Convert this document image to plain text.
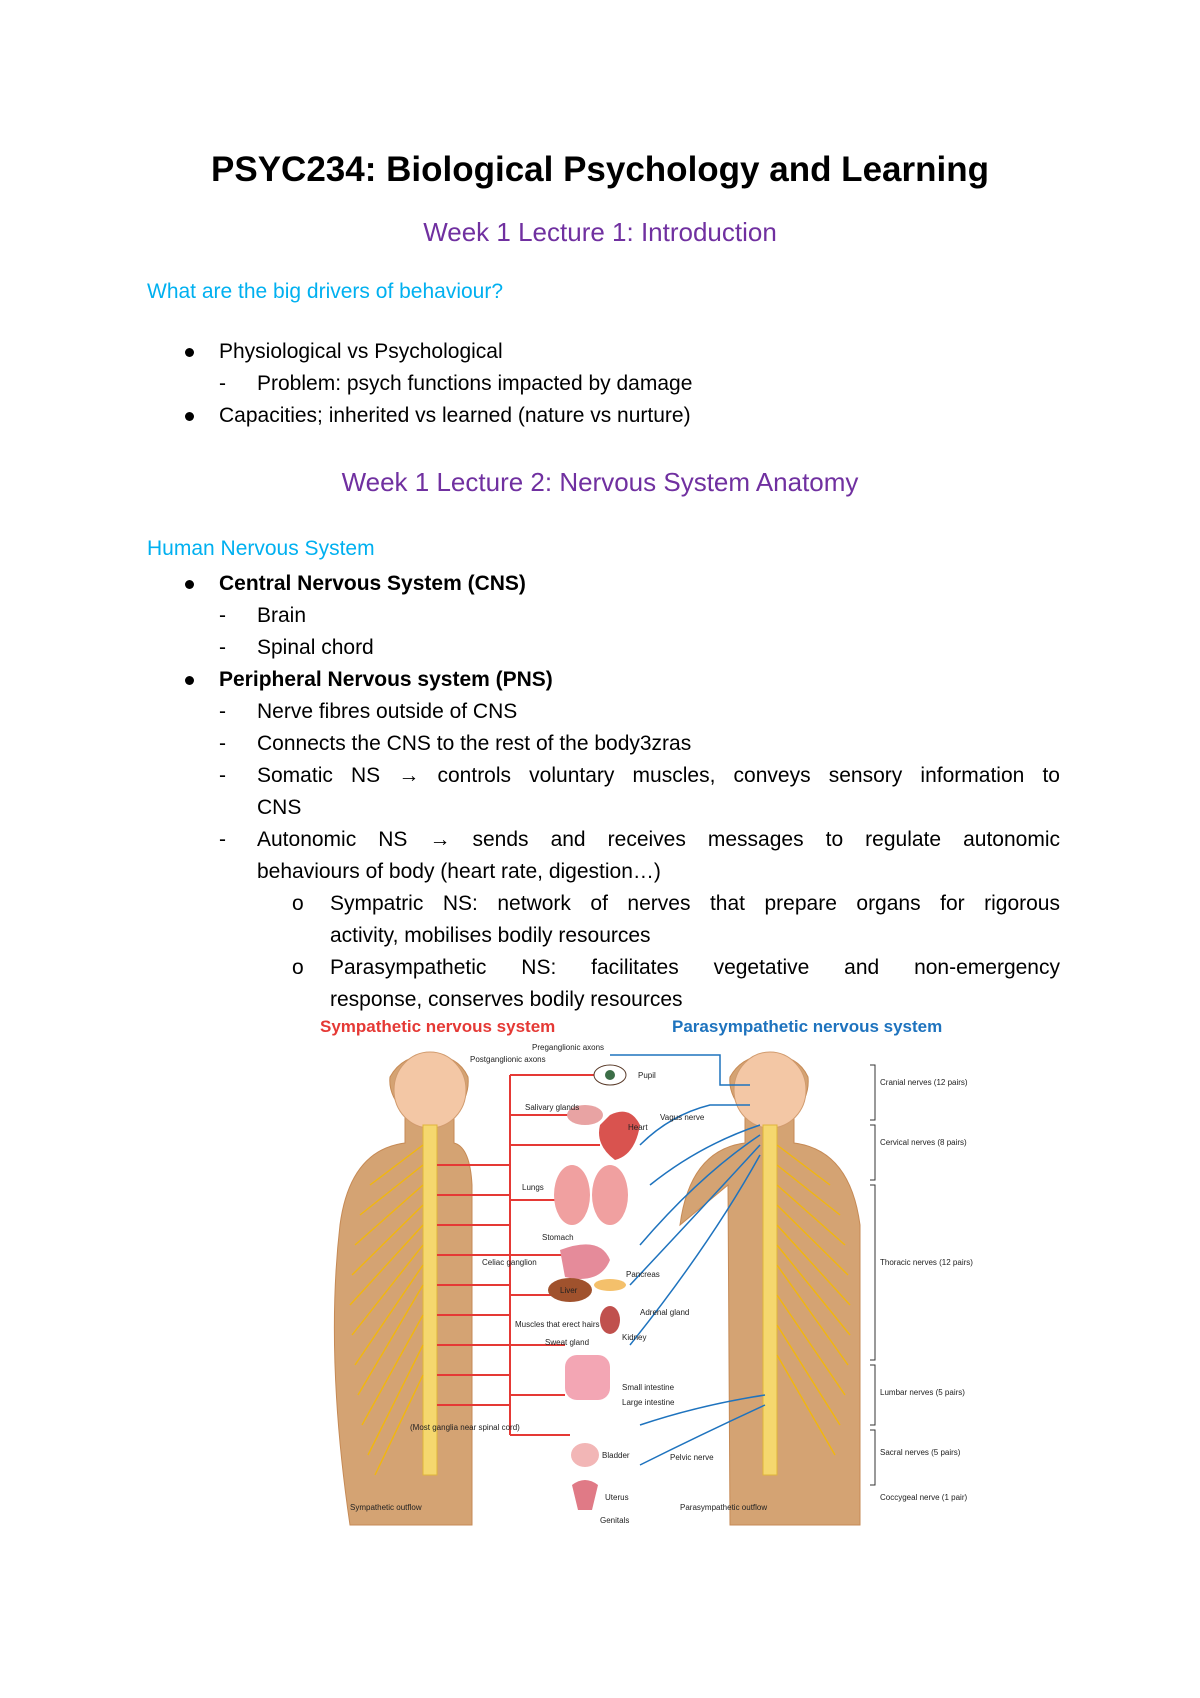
PSYC234: Biological Psychology and Learning
Week 1 Lecture 1: Introduction
What are the big drivers of behaviour?
Physiological vs Psychological
- Problem: psych functions impacted by damage
Capacities; inherited vs learned (nature vs nurture)
Week 1 Lecture 2: Nervous System Anatomy
Human Nervous System
Central Nervous System (CNS)
- Brain
- Spinal chord
Peripheral Nervous system (PNS)
- Nerve fibres outside of CNS
- Connects the CNS to the rest of the body3zras
- Somatic NS → controls voluntary muscles, conveys sensory information to
CNS
- Autonomic NS → sends and receives messages to regulate autonomic
behaviours of body (heart rate, digestion…)
o Sympatric NS: network of nerves that prepare organs for rigorous
activity, mobilises bodily resources
o Parasympathetic NS: facilitates vegetative and non-emergency
response, conserves bodily resources
Sympathetic nervous system	Parasympathetic nervous system
Preganglionic axons
Postganglionic axons
Pupil
Salivary glands
Heart
Vagus nerve
Lungs
Stomach
Celiac ganglion
Pancreas
Liver
Adrenal gland
Muscles that erect hairs
Sweat gland
Kidney
Small intestine
Large intestine
(Most ganglia near spinal cord)
Bladder	Pelvic nerve
Uterus
Genitals
Sympathetic outflow	Parasympathetic outflow
Cranial nerves (12 pairs)
Cervical nerves (8 pairs)
Thoracic nerves (12 pairs)
Lumbar nerves (5 pairs)
Sacral nerves (5 pairs)
Coccygeal nerve (1 pair)
